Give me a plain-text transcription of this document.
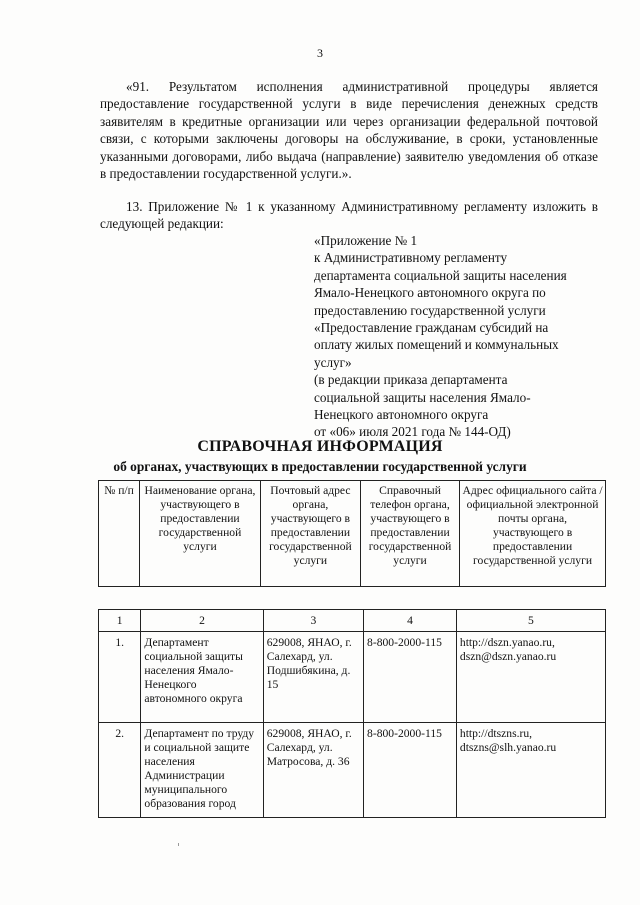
3

«91. Результатом исполнения административной процедуры является предоставление государственной услуги в виде перечисления денежных средств заявителям в кредитные организации или через организации федеральной почтовой связи, с которыми заключены договоры на обслуживание, в сроки, установленные указанными договорами, либо выдача (направление) заявителю уведомления об отказе в предоставлении государственной услуги.».

13. Приложение № 1 к указанному Административному регламенту изложить в следующей редакции:

«Приложение № 1
к Административному регламенту
департамента социальной защиты населения
Ямало-Ненецкого автономного округа по
предоставлению государственной услуги
«Предоставление гражданам субсидий на
оплату жилых помещений и коммунальных
услуг»
(в редакции приказа департамента
социальной защиты населения Ямало-
Ненецкого автономного округа
от «06» июля 2021 года № 144-ОД)
СПРАВОЧНАЯ ИНФОРМАЦИЯ
об органах, участвующих в предоставлении государственной услуги
№ п/п	Наименование органа, участвующего в предоставлении государственной услуги	Почтовый адрес органа, участвующего в предоставлении государственной услуги	Справочный телефон органа, участвующего в предоставлении государственной услуги	Адрес официального сайта /официальной электронной почты органа, участвующего в предоставлении государственной услуги
1	2	3	4	5
1.	Департамент социальной защиты населения Ямало-Ненецкого автономного округа	629008, ЯНАО, г. Салехард, ул. Подшибякина, д. 15	8-800-2000-115	http://dszn.yanao.ru,
dszn@dszn.yanao.ru

2.	Департамент по труду и социальной защите населения Администрации муниципального образования город	629008, ЯНАО, г. Салехард, ул. Матросова, д. 36	8-800-2000-115	http://dtszns.ru,
dtszns@slh.yanao.ru
